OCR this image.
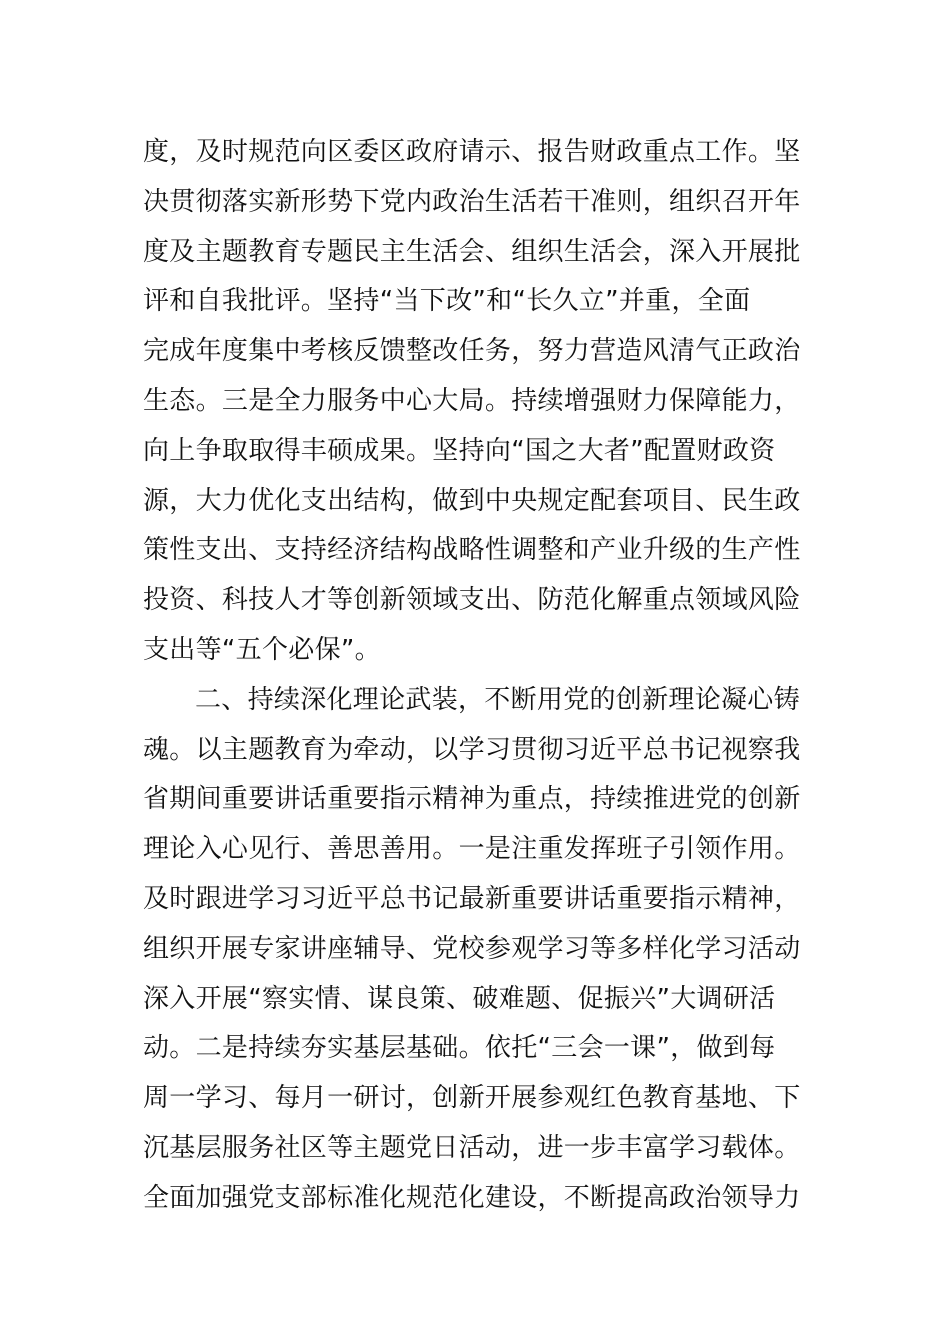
度，及时规范向区委区政府请示、报告财政重点工作。坚
决贯彻落实新形势下党内政治生活若干准则，组织召开年
度及主题教育专题民主生活会、组织生活会，深入开展批
评和自我批评。坚持“当下改”和“长久立”并重，全面
完成年度集中考核反馈整改任务，努力营造风清气正政治
生态。三是全力服务中心大局。持续增强财力保障能力，
向上争取取得丰硕成果。坚持向“国之大者”配置财政资
源，大力优化支出结构，做到中央规定配套项目、民生政
策性支出、支持经济结构战略性调整和产业升级的生产性
投资、科技人才等创新领域支出、防范化解重点领域风险
支出等“五个必保”。
二、持续深化理论武装，不断用党的创新理论凝心铸
魂。以主题教育为牵动，以学习贯彻习近平总书记视察我
省期间重要讲话重要指示精神为重点，持续推进党的创新
理论入心见行、善思善用。一是注重发挥班子引领作用。
及时跟进学习习近平总书记最新重要讲话重要指示精神，
组织开展专家讲座辅导、党校参观学习等多样化学习活动
深入开展“察实情、谋良策、破难题、促振兴”大调研活
动。二是持续夯实基层基础。依托“三会一课”，做到每
周一学习、每月一研讨，创新开展参观红色教育基地、下
沉基层服务社区等主题党日活动，进一步丰富学习载体。
全面加强党支部标准化规范化建设，不断提高政治领导力
